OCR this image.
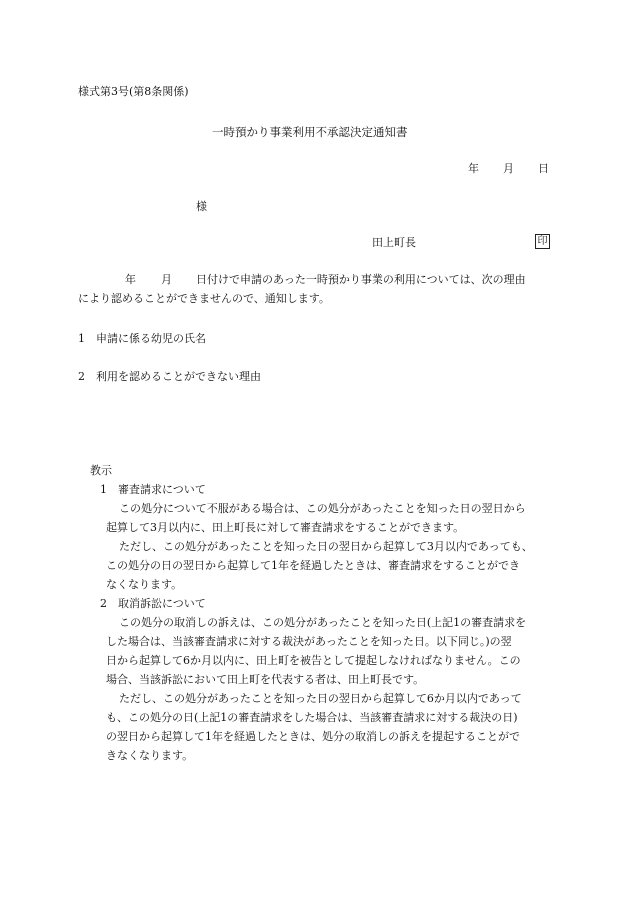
様式第3号(第8条関係)
一時預かり事業利用不承認決定通知書
年 月 日
様
田上町長	印
年 月 日付けで申請のあった一時預かり事業の利用については、次の理由
により認めることができませんので、通知します。
1 申請に係る幼児の氏名
2 利用を認めることができない理由
教示
1 審査請求について
この処分について不服がある場合は、この処分があったことを知った日の翌日から
起算して3月以内に、田上町長に対して審査請求をすることができます。
ただし、この処分があったことを知った日の翌日から起算して3月以内であっても、
この処分の日の翌日から起算して1年を経過したときは、審査請求をすることができ
なくなります。
2 取消訴訟について
この処分の取消しの訴えは、この処分があったことを知った日(上記1の審査請求を
した場合は、当該審査請求に対する裁決があったことを知った日。以下同じ。)の翌
日から起算して6か月以内に、田上町を被告として提起しなければなりません。この
場合、当該訴訟において田上町を代表する者は、田上町長です。
ただし、この処分があったことを知った日の翌日から起算して6か月以内であって
も、この処分の日(上記1の審査請求をした場合は、当該審査請求に対する裁決の日)
の翌日から起算して1年を経過したときは、処分の取消しの訴えを提起することがで
きなくなります。
